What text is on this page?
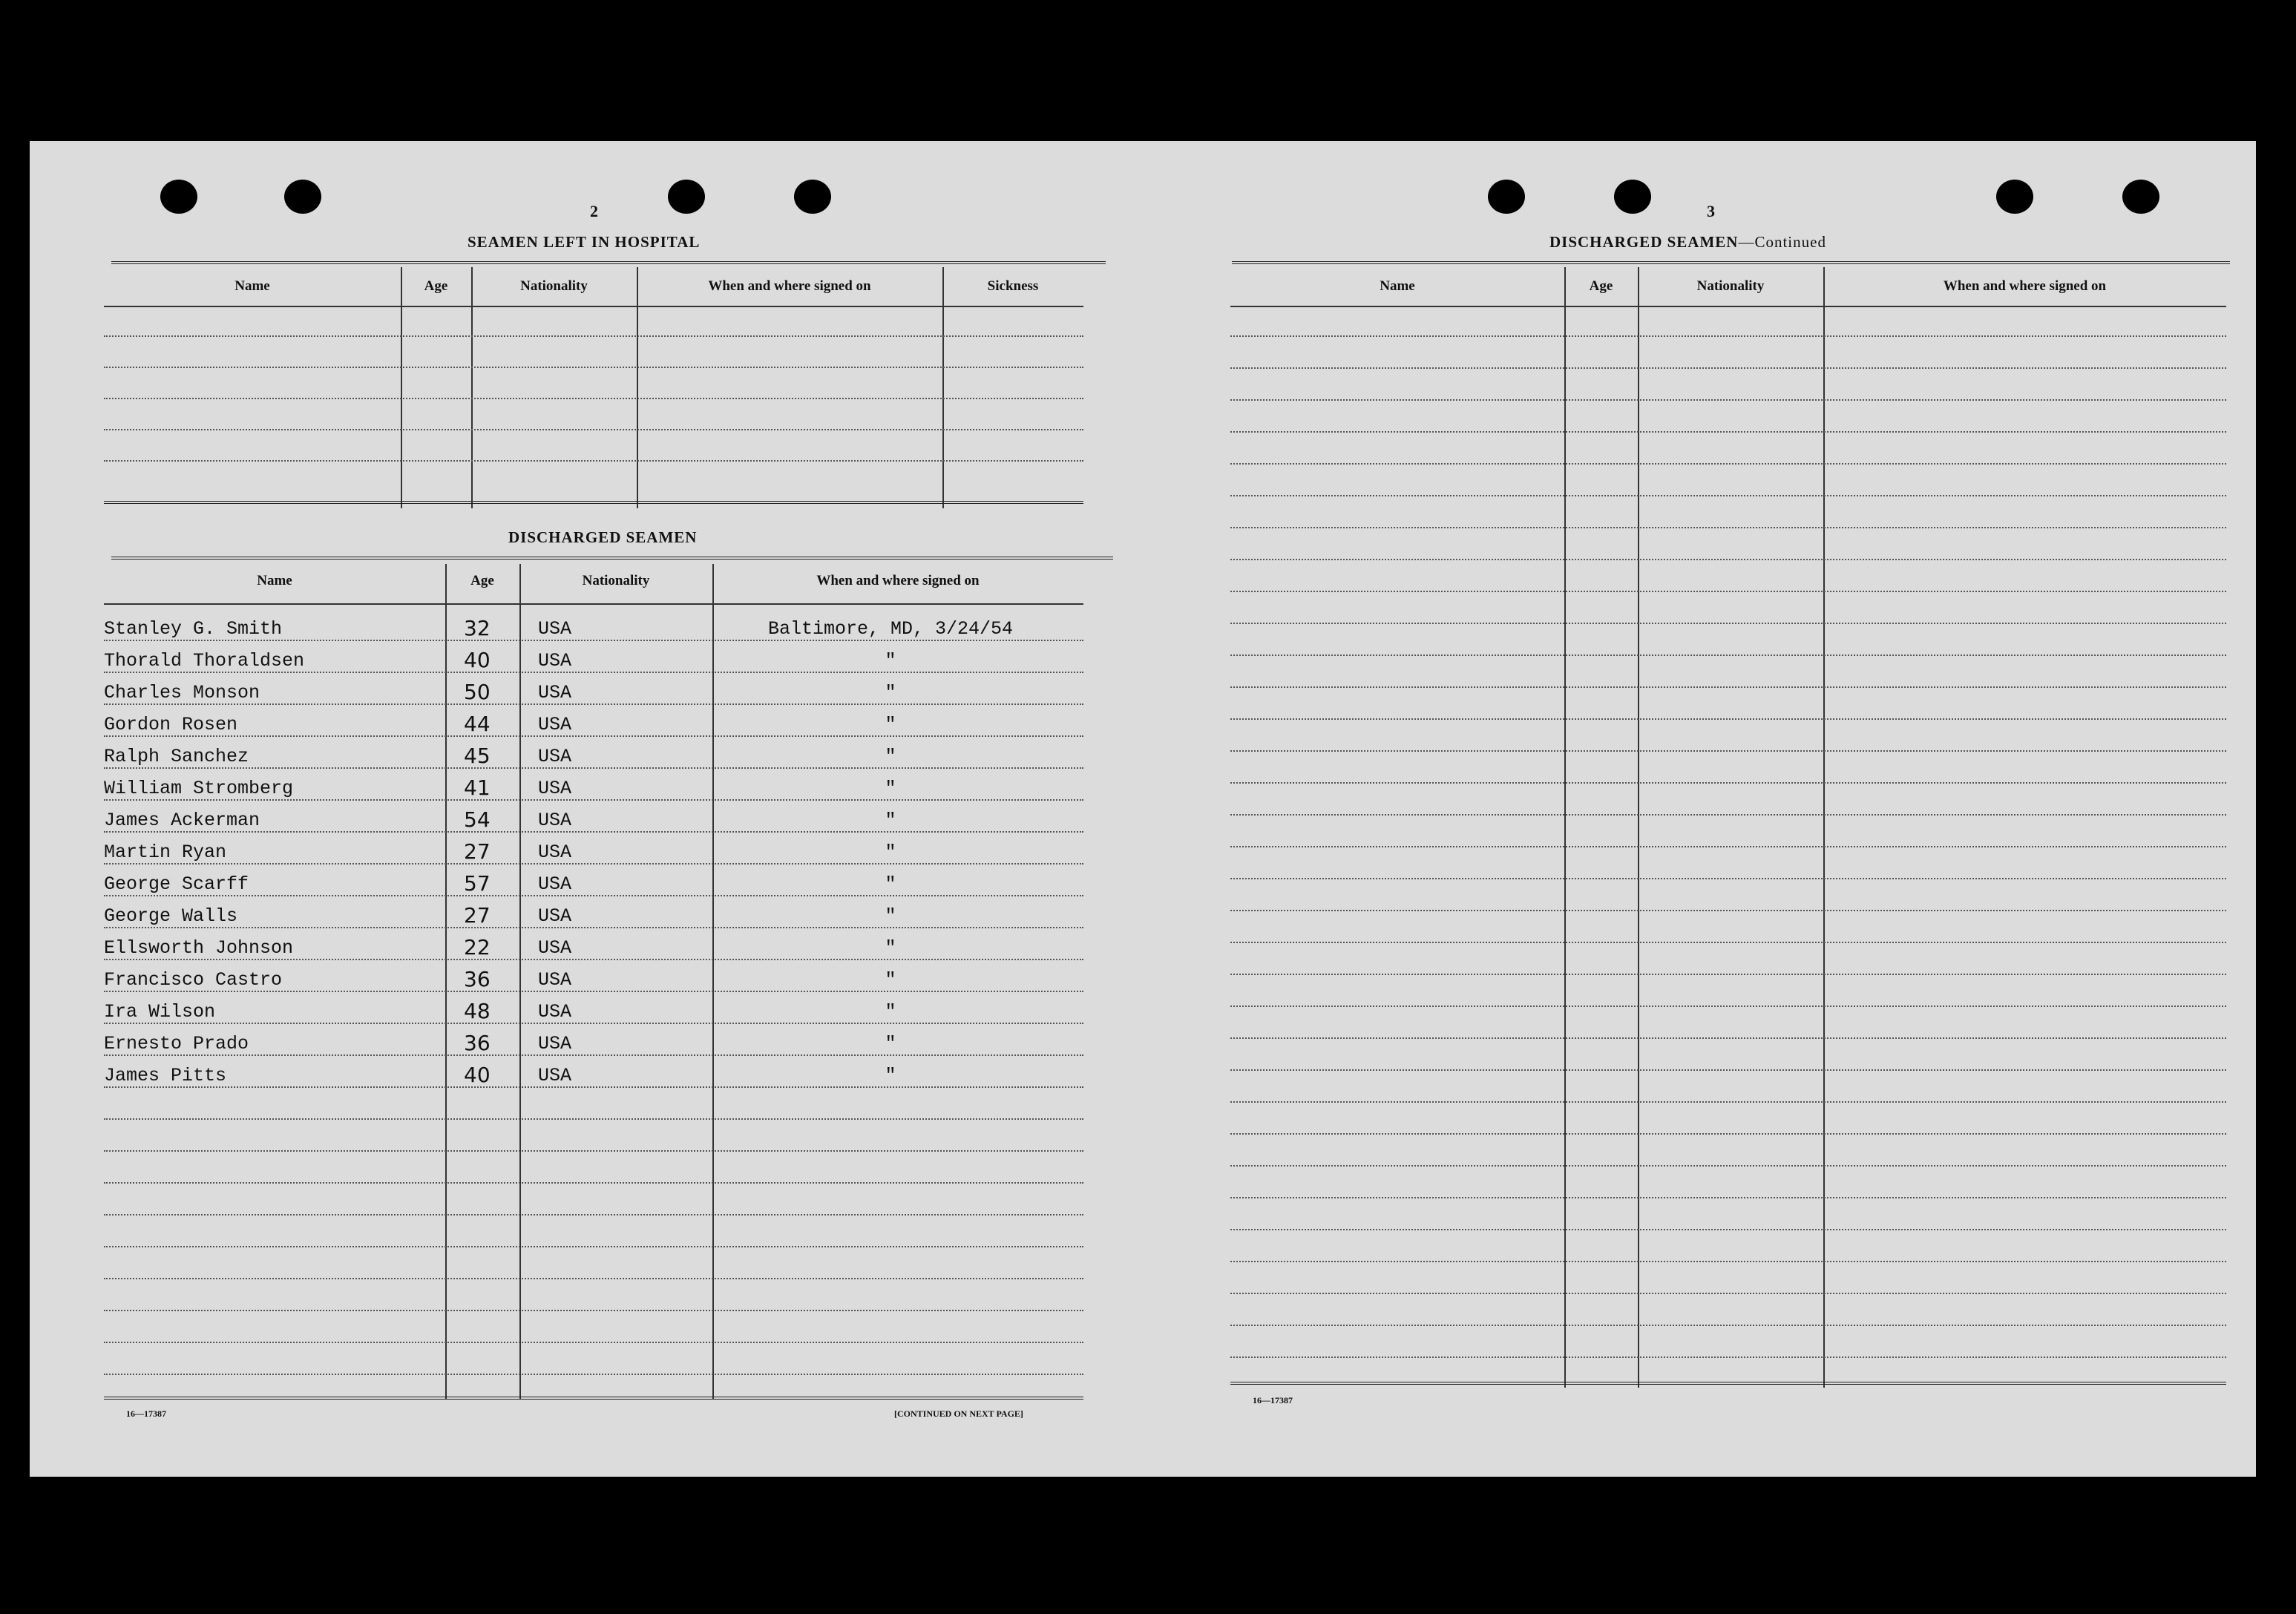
2
SEAMEN LEFT IN HOSPITAL
Name	Age	Nationality	When and where signed on	Sickness
DISCHARGED SEAMEN
Name	Age	Nationality	When and where signed on
Stanley G. Smith	32	USA	Baltimore, MD, 3/24/54
Thorald Thoraldsen	40	USA	"
Charles Monson	50	USA	"
Gordon Rosen	44	USA	"
Ralph Sanchez	45	USA	"
William Stromberg	41	USA	"
James Ackerman	54	USA	"
Martin Ryan	27	USA	"
George Scarff	57	USA	"
George Walls	27	USA	"
Ellsworth Johnson	22	USA	"
Francisco Castro	36	USA	"
Ira Wilson	48	USA	"
Ernesto Prado	36	USA	"
James Pitts	40	USA	"
16—17387	[CONTINUED ON NEXT PAGE]
3
DISCHARGED SEAMEN—Continued
Name	Age	Nationality	When and where signed on
16—17387
